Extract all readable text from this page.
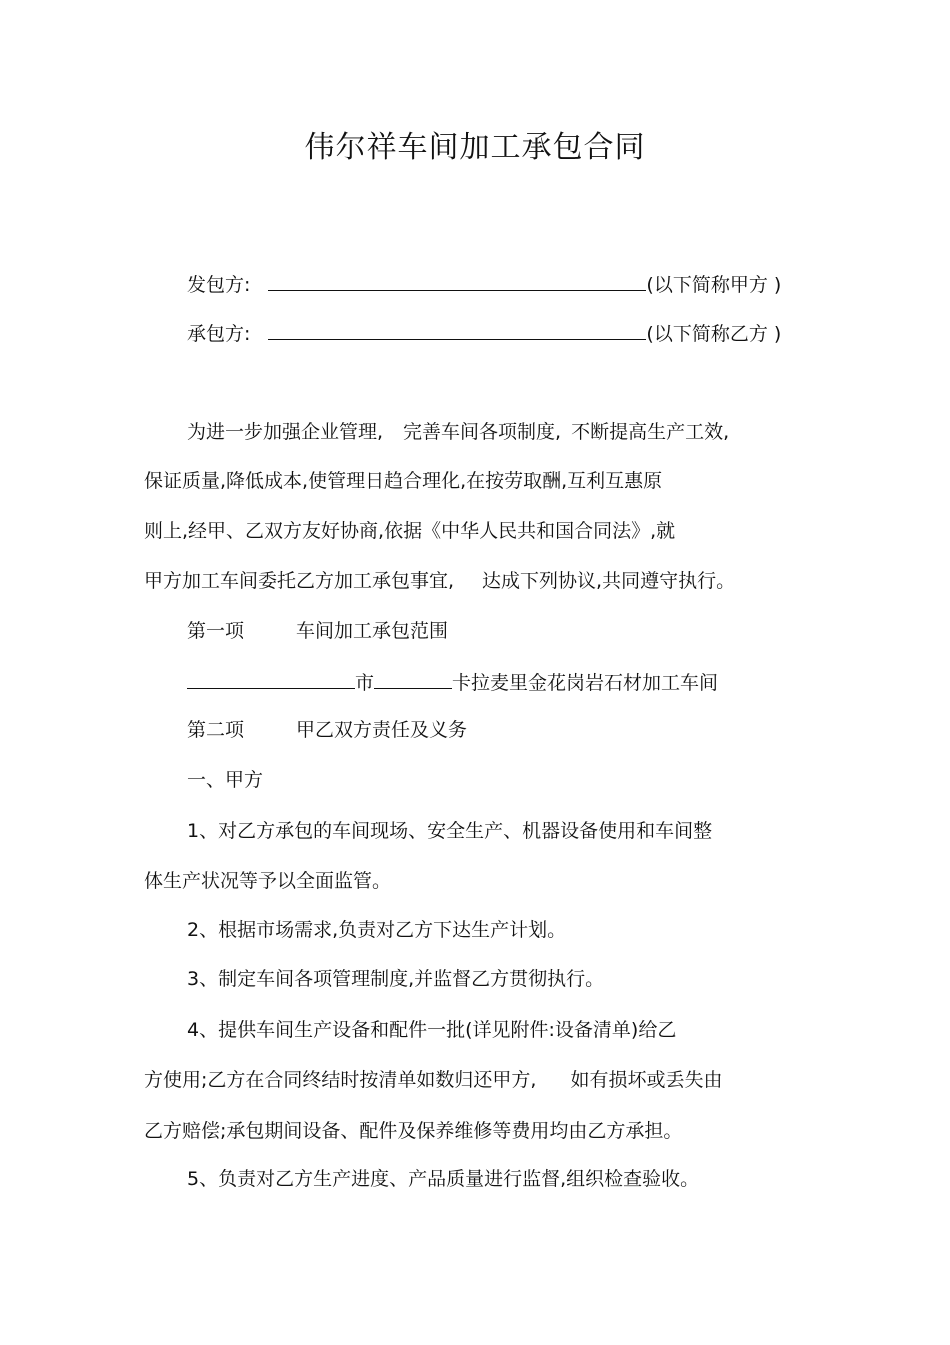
伟尔祥车间加工承包合同
发包方:	(以下简称甲方 )
承包方:	(以下简称乙方 )
为进一步加强企业管理, 完善车间各项制度, 不断提高生产工效,
保证质量,降低成本,使管理日趋合理化,在按劳取酬,互利互惠原
则上,经甲、乙双方友好协商,依据《中华人民共和国合同法》,就
甲方加工车间委托乙方加工承包事宜, 达成下列协议,共同遵守执行。
第一项	车间加工承包范围
市	卡拉麦里金花岗岩石材加工车间
第二项	甲乙双方责任及义务
一、甲方
1、对乙方承包的车间现场、安全生产、机器设备使用和车间整
体生产状况等予以全面监管。
2、根据市场需求,负责对乙方下达生产计划。
3、制定车间各项管理制度,并监督乙方贯彻执行。
4、提供车间生产设备和配件一批(详见附件:设备清单)给乙
方使用;乙方在合同终结时按清单如数归还甲方, 如有损坏或丢失由
乙方赔偿;承包期间设备、配件及保养维修等费用均由乙方承担。
5、负责对乙方生产进度、产品质量进行监督,组织检查验收。
